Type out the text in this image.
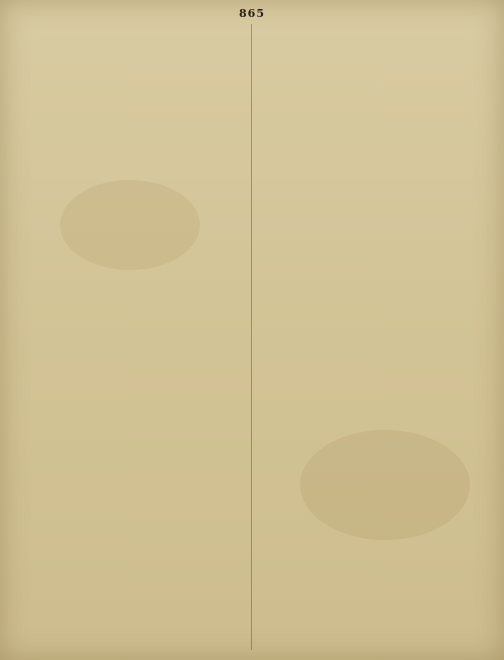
865
